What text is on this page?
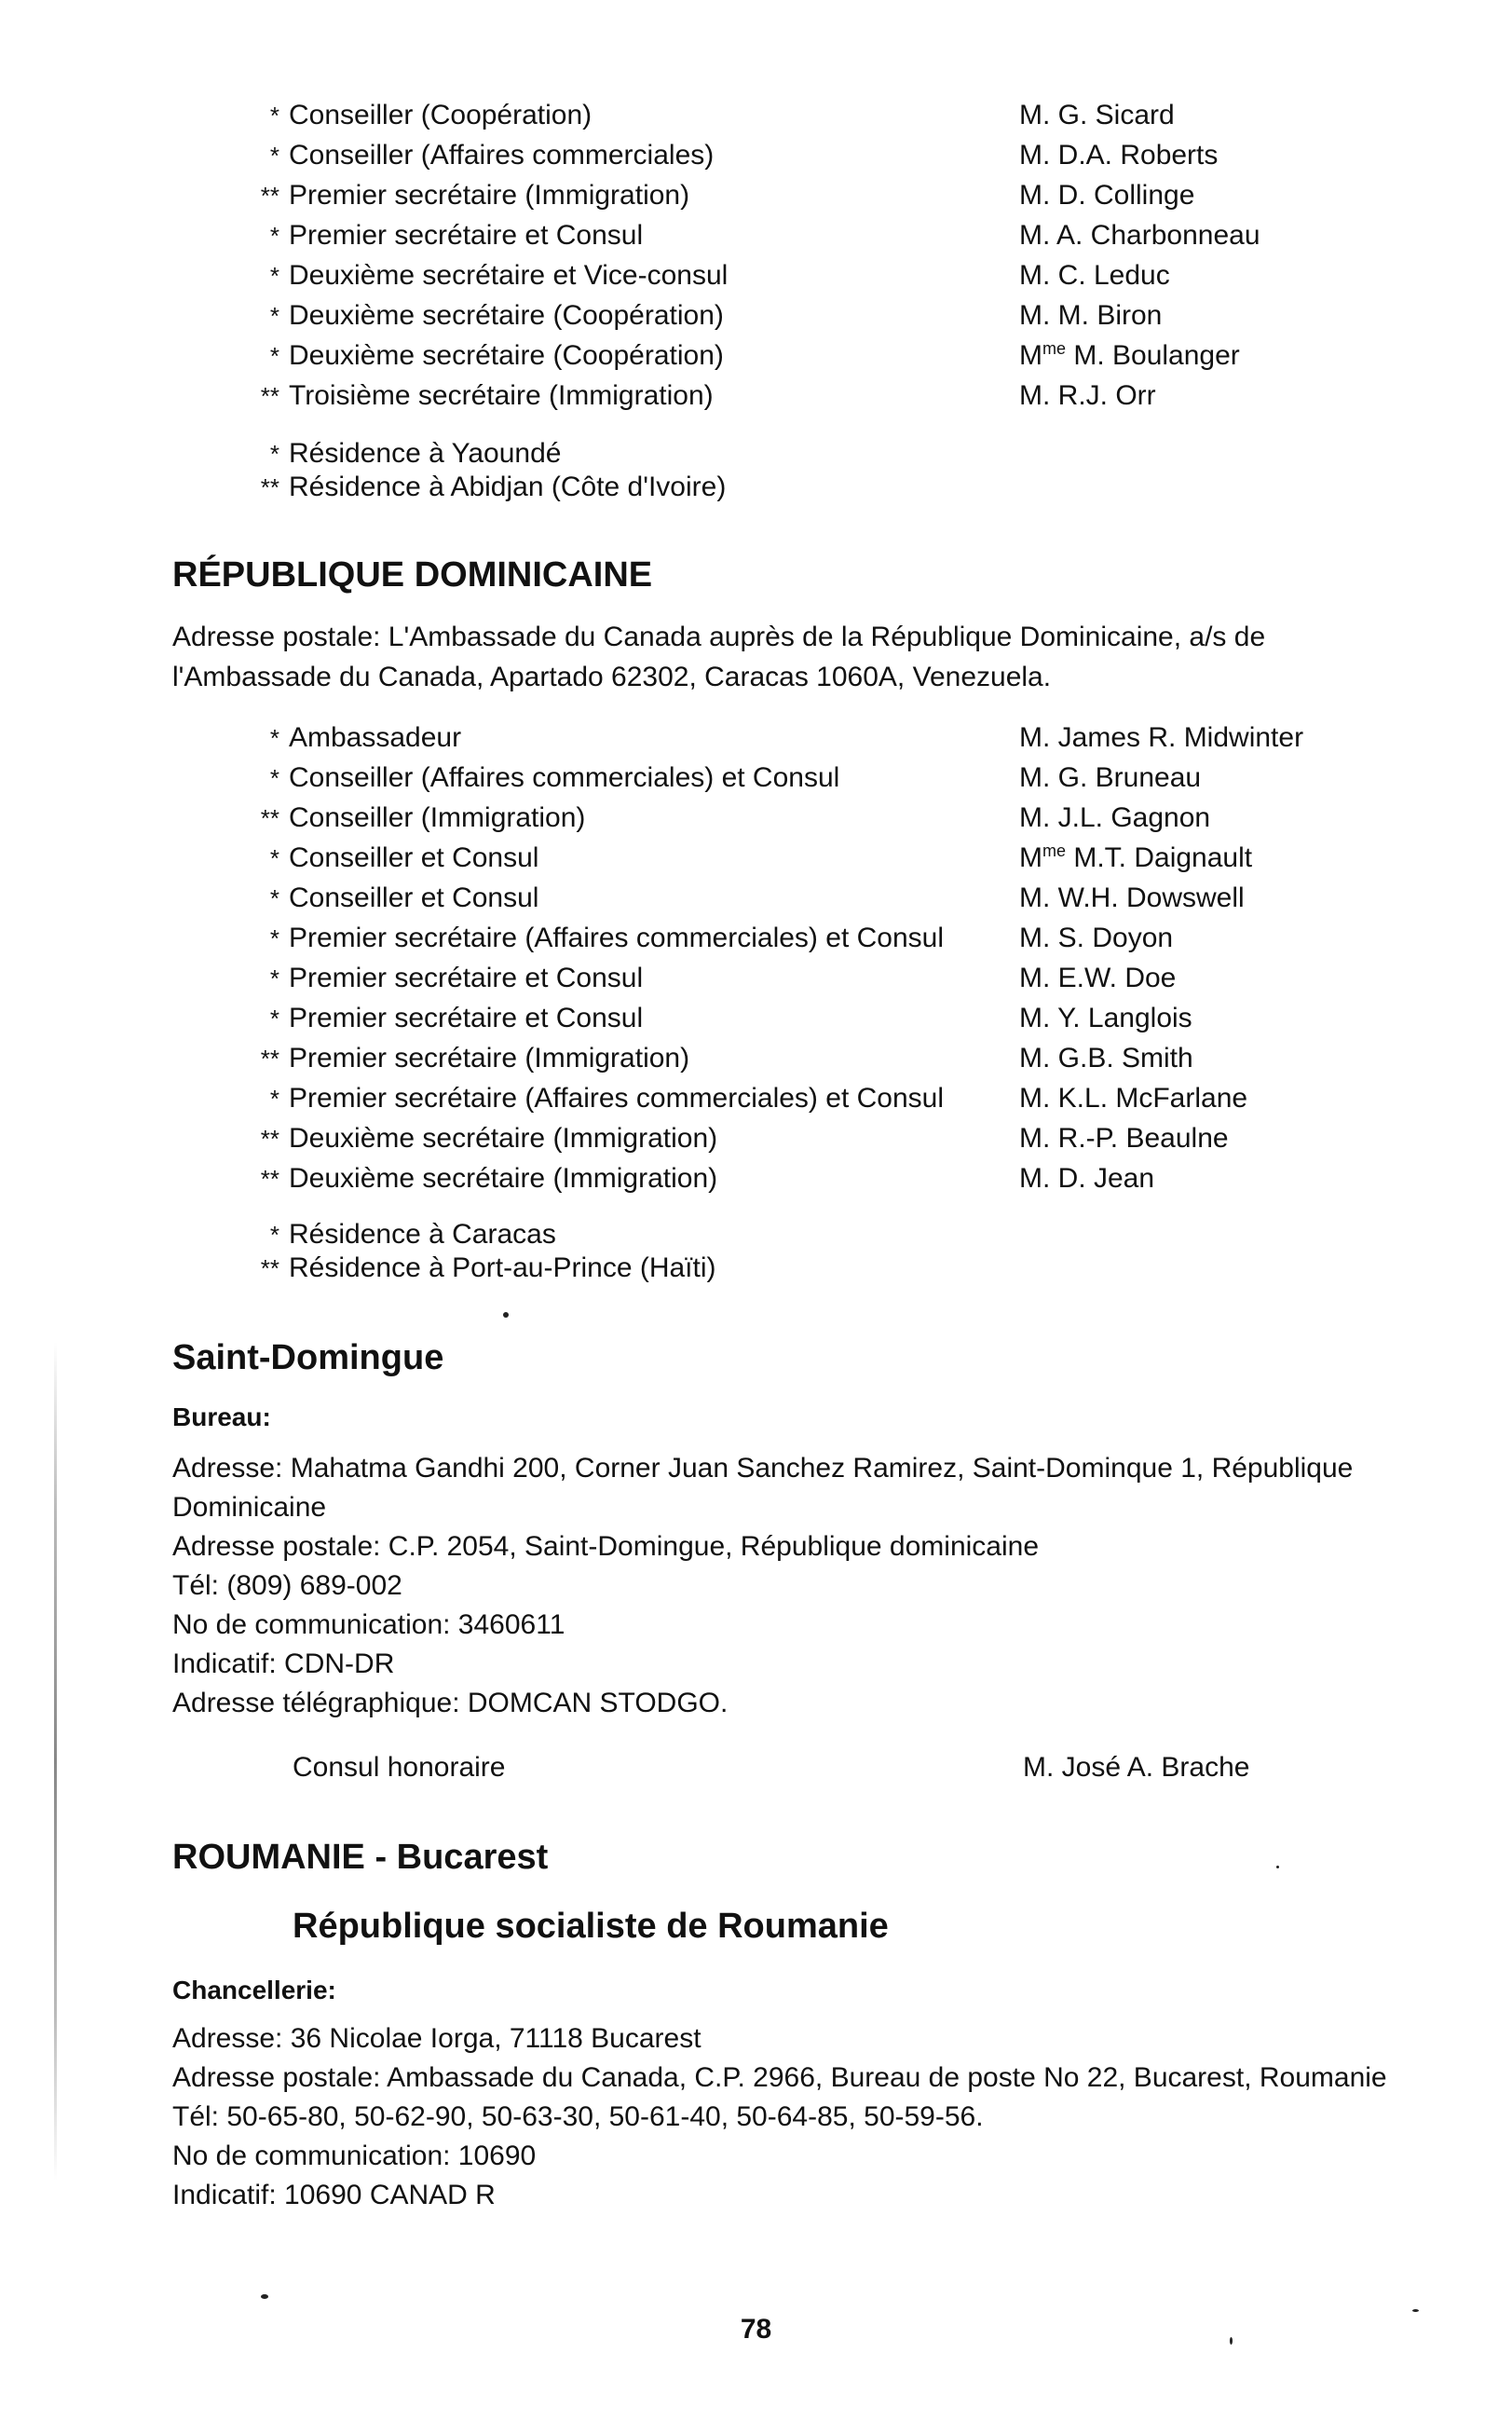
* Conseiller (Coopération)	M. G. Sicard
* Conseiller (Affaires commerciales)	M. D.A. Roberts
** Premier secrétaire (Immigration)	M. D. Collinge
* Premier secrétaire et Consul	M. A. Charbonneau
* Deuxième secrétaire et Vice-consul	M. C. Leduc
* Deuxième secrétaire (Coopération)	M. M. Biron
* Deuxième secrétaire (Coopération)	$M^{me}$ M. Boulanger
** Troisième secrétaire (Immigration)	M. R.J. Orr
* Résidence à Yaoundé
** Résidence à Abidjan (Côte d'Ivoire)
RÉPUBLIQUE DOMINICAINE
Adresse postale: L'Ambassade du Canada auprès de la République Dominicaine, a/s de
l'Ambassade du Canada, Apartado 62302, Caracas 1060A, Venezuela.
* Ambassadeur	M. James R. Midwinter
* Conseiller (Affaires commerciales) et Consul	M. G. Bruneau
** Conseiller (Immigration)	M. J.L. Gagnon
* Conseiller et Consul	$M^{me}$ M.T. Daignault
* Conseiller et Consul	M. W.H. Dowswell
* Premier secrétaire (Affaires commerciales) et Consul	M. S. Doyon
* Premier secrétaire et Consul	M. E.W. Doe
* Premier secrétaire et Consul	M. Y. Langlois
** Premier secrétaire (Immigration)	M. G.B. Smith
* Premier secrétaire (Affaires commerciales) et Consul	M. K.L. McFarlane
** Deuxième secrétaire (Immigration)	M. R.-P. Beaulne
** Deuxième secrétaire (Immigration)	M. D. Jean
* Résidence à Caracas
** Résidence à Port-au-Prince (Haïti)
Saint-Domingue
Bureau:
Adresse: Mahatma Gandhi 200, Corner Juan Sanchez Ramirez, Saint-Dominque 1, République
Dominicaine
Adresse postale: C.P. 2054, Saint-Domingue, République dominicaine
Tél: (809) 689-002
No de communication: 3460611
Indicatif: CDN-DR
Adresse télégraphique: DOMCAN STODGO.
Consul honoraire	M. José A. Brache
ROUMANIE - Bucarest
République socialiste de Roumanie
Chancellerie:
Adresse: 36 Nicolae Iorga, 71118 Bucarest
Adresse postale: Ambassade du Canada, C.P. 2966, Bureau de poste No 22, Bucarest, Roumanie
Tél: 50-65-80, 50-62-90, 50-63-30, 50-61-40, 50-64-85, 50-59-56.
No de communication: 10690
Indicatif: 10690 CANAD R
78
